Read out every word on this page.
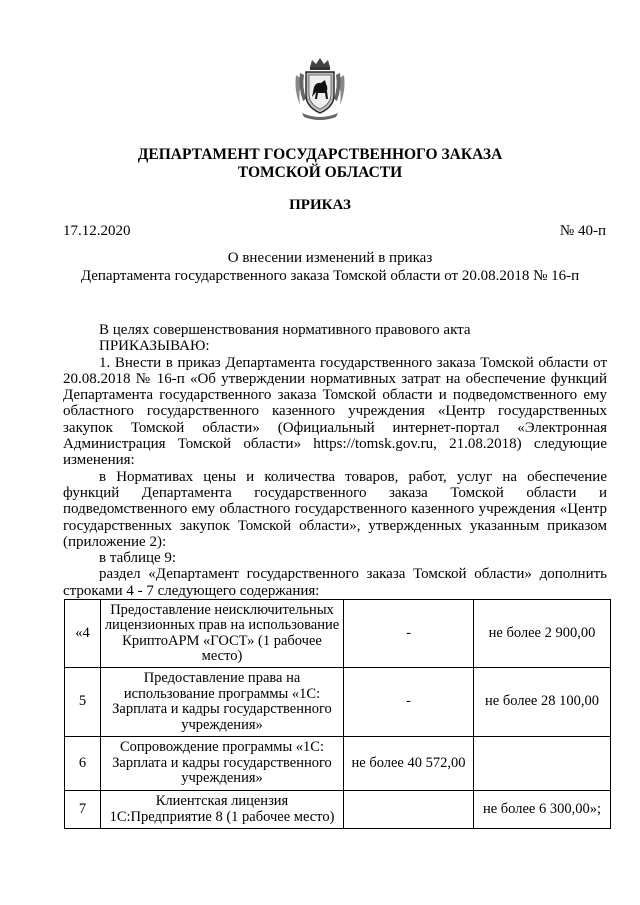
ДЕПАРТАМЕНТ ГОСУДАРСТВЕННОГО ЗАКАЗА
ТОМСКОЙ ОБЛАСТИ
ПРИКАЗ
17.12.2020	№ 40-п
О внесении изменений в приказ
Департамента государственного заказа Томской области от 20.08.2018 № 16-п

В целях совершенствования нормативного правового акта

ПРИКАЗЫВАЮ:

1. Внести в приказ Департамента государственного заказа Томской области от 20.08.2018 № 16-п «Об утверждении нормативных затрат на обеспечение функций Департамента государственного заказа Томской области и подведомственного ему областного государственного казенного учреждения «Центр государственных закупок Томской области» (Официальный интернет-портал «Электронная Администрация Томской области» https://tomsk.gov.ru, 21.08.2018) следующие изменения:

в Нормативах цены и количества товаров, работ, услуг на обеспечение функций Департамента государственного заказа Томской области и подведомственного ему областного государственного казенного учреждения «Центр государственных закупок Томской области», утвержденных указанным приказом (приложение 2):

в таблице 9:

раздел «Департамент государственного заказа Томской области» дополнить строками 4 - 7 следующего содержания:

«4	Предоставление неисключительных лицензионных прав на использование КриптоАРМ «ГОСТ» (1 рабочее место)	-	не более 2 900,00
5	Предоставление права на использование программы «1С: Зарплата и кадры государственного учреждения»	-	не более 28 100,00
6	Сопровождение программы «1С: Зарплата и кадры государственного учреждения»	не более 40 572,00	
7	Клиентская лицензия 1С:Предприятие 8 (1 рабочее место)		не более 6 300,00»;
